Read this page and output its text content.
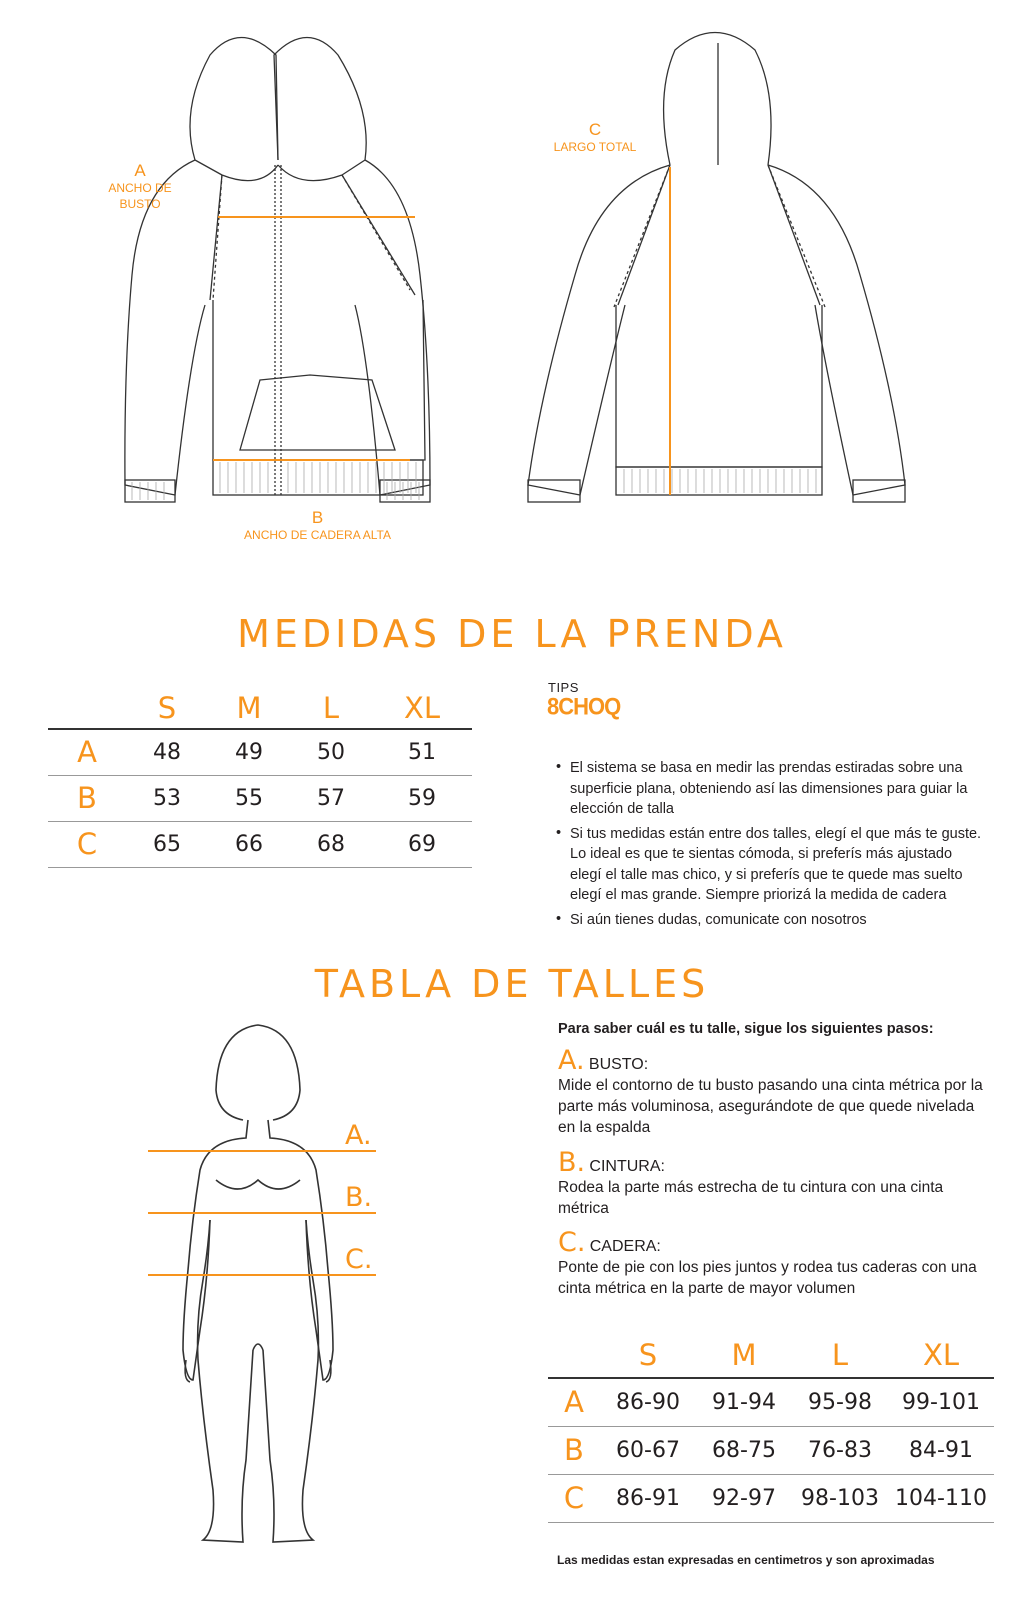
A
ANCHO DE
BUSTO
B
ANCHO DE CADERA ALTA
C
LARGO TOTAL
MEDIDAS DE LA PRENDA
	S	M	L	XL
A	48	49	50	51
B	53	55	57	59
C	65	66	68	69
TIPS
8CHOQ
• El sistema se basa en medir las prendas estiradas sobre una superficie plana, obteniendo así las dimensiones para guiar la elección de talla
• Si tus medidas están entre dos talles, elegí el que más te guste. Lo ideal es que te sientas cómoda, si preferís más ajustado elegí el talle mas chico, y si preferís que te quede mas suelto elegí el mas grande. Siempre priorizá la medida de cadera
• Si aún tienes dudas, comunicate con nosotros
TABLA DE TALLES
A.
B.
C.
Para saber cuál es tu talle, sigue los siguientes pasos:
A. BUSTO:
Mide el contorno de tu busto pasando una cinta métrica por la parte más voluminosa, asegurándote de que quede nivelada en la espalda
B. CINTURA:
Rodea la parte más estrecha de tu cintura con una cinta métrica
C. CADERA:
Ponte de pie con los pies juntos y rodea tus caderas con una cinta métrica en la parte de mayor volumen
	S	M	L	XL
A	86-90	91-94	95-98	99-101
B	60-67	68-75	76-83	84-91
C	86-91	92-97	98-103	104-110
Las medidas estan expresadas en centimetros y son aproximadas
